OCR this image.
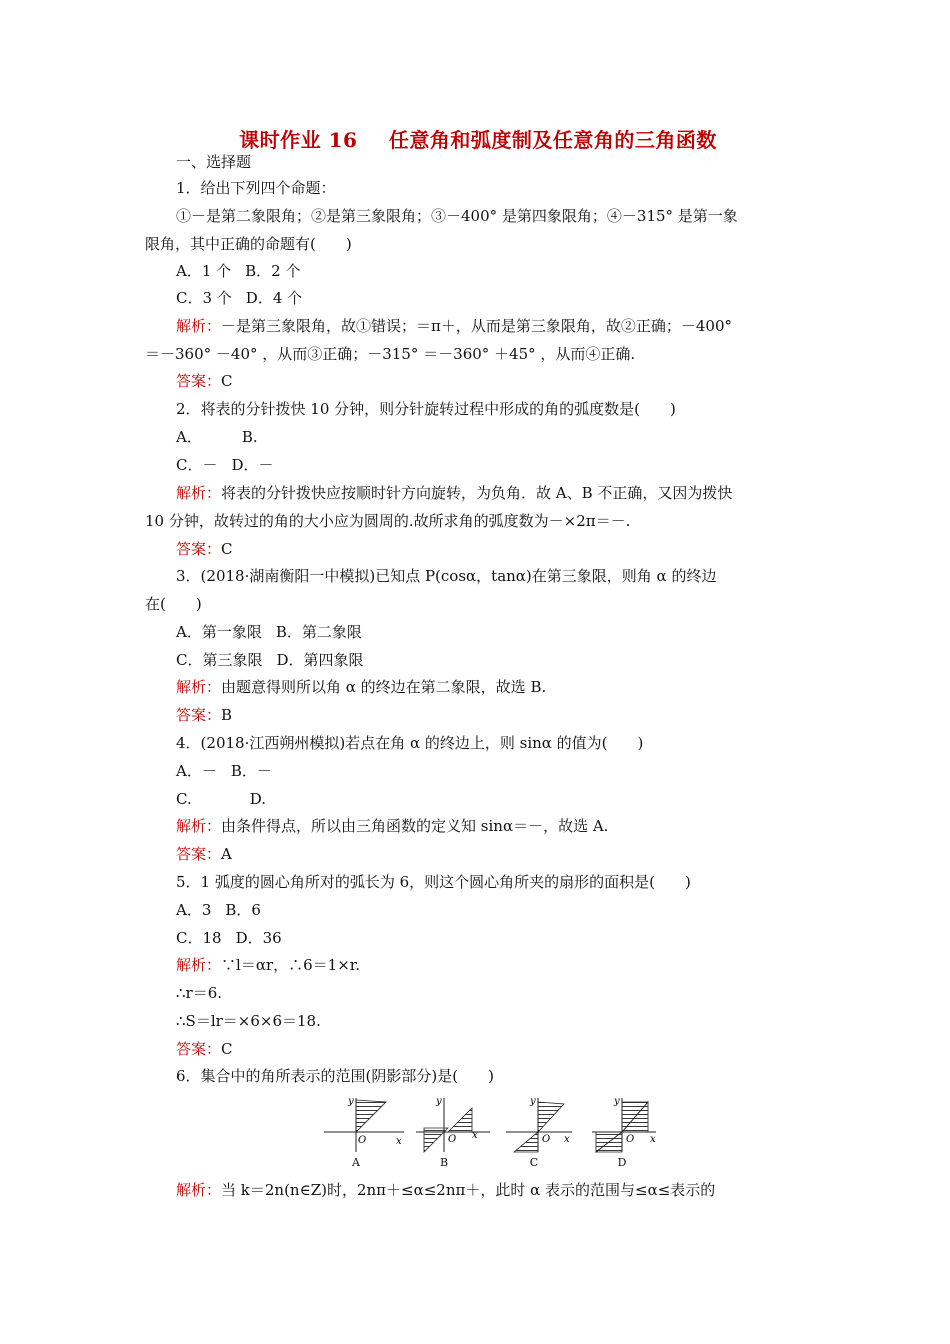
课时作业 16 任意角和弧度制及任意角的三角函数
一、选择题
1．给出下列四个命题：
①－是第二象限角；②是第三象限角；③－400° 是第四象限角；④－315° 是第一象
限角，其中正确的命题有(　　)
A．1 个 B．2 个
C．3 个 D．4 个
解析：－是第三象限角，故①错误；＝π＋，从而是第三象限角，故②正确；－400°
＝－360° －40° ，从而③正确；－315° ＝－360° ＋45° ，从而④正确.
答案：C
2．将表的分针拨快 10 分钟，则分针旋转过程中形成的角的弧度数是(　　)
A．	B.
C．－ D．－
解析：将表的分针拨快应按顺时针方向旋转，为负角．故 A、B 不正确，又因为拨快
10 分钟，故转过的角的大小应为圆周的.故所求角的弧度数为－×2π＝－.
答案：C
3．(2018·湖南衡阳一中模拟)已知点 P(cosα，tanα)在第三象限，则角 α 的终边
在(　　)
A．第一象限 B．第二象限
C．第三象限 D．第四象限
解析：由题意得则所以角 α 的终边在第二象限，故选 B.
答案：B
4．(2018·江西朔州模拟)若点在角 α 的终边上，则 sinα 的值为(　　)
A．－ B．－
C.	D.
解析：由条件得点，所以由三角函数的定义知 sinα＝－，故选 A.
答案：A
5．1 弧度的圆心角所对的弧长为 6，则这个圆心角所夹的扇形的面积是(　　)
A．3 B．6
C．18 D．36
解析：∵l＝αr，∴6＝1×r.
∴r＝6.
∴S＝lr＝×6×6＝18.
答案：C
6．集合中的角所表示的范围(阴影部分)是(　　)
y
x
O
A
y
x
O
B
y
x
O
C
y
x
O
D
解析：当 k＝2n(n∈Z)时，2nπ＋≤α≤2nπ＋，此时 α 表示的范围与≤α≤表示的
